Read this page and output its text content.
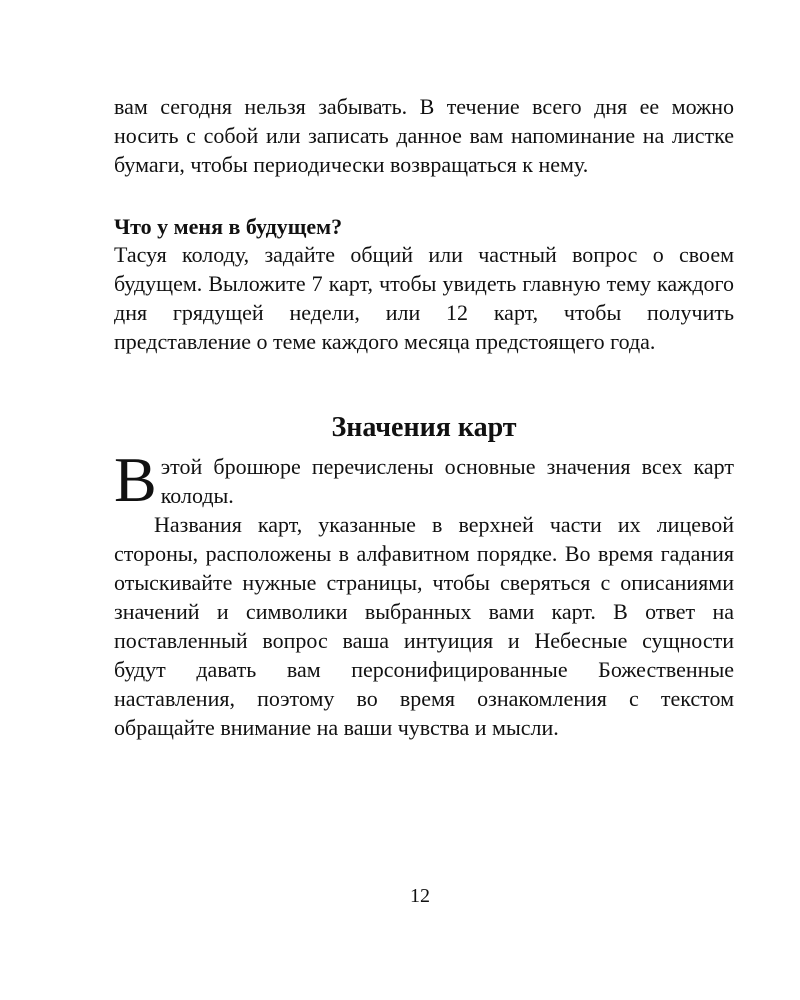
вам сегодня нельзя забывать. В течение всего дня ее можно носить с собой или записать данное вам напоминание на листке бумаги, чтобы периодически возвращаться к нему.

Что у меня в будущем?

Тасуя колоду, задайте общий или частный вопрос о своем будущем. Выложите 7 карт, чтобы увидеть главную тему каждого дня грядущей недели, или 12 карт, чтобы получить представление о теме каждого месяца предстоящего года.

Значения карт

Вэтой брошюре перечислены основные значения всех карт колоды.

Названия карт, указанные в верхней части их лицевой стороны, расположены в алфавитном порядке. Во время гадания отыскивайте нужные страницы, чтобы сверяться с описаниями значений и символики выбранных вами карт. В ответ на поставленный вопрос ваша интуиция и Небесные сущности будут давать вам персонифицированные Божественные наставления, поэтому во время ознакомления с текстом обращайте внимание на ваши чувства и мысли.

12
